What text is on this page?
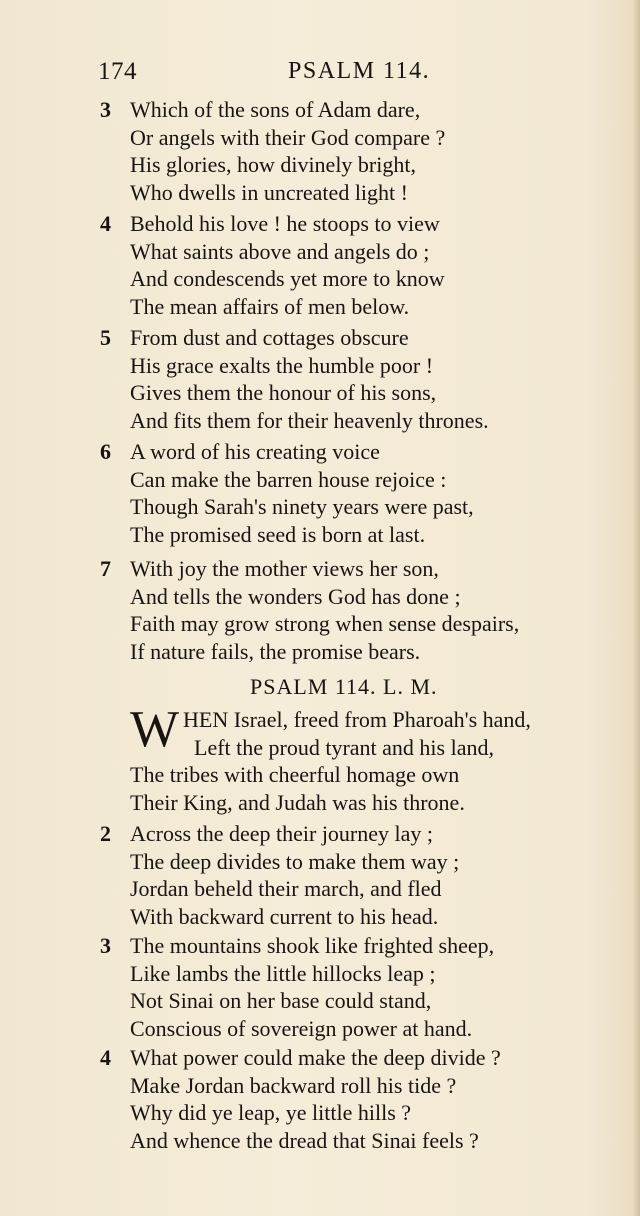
174	PSALM 114.
3 Which of the sons of Adam dare,
Or angels with their God compare ?
His glories, how divinely bright,
Who dwells in uncreated light !
4 Behold his love ! he stoops to view
What saints above and angels do ;
And condescends yet more to know
The mean affairs of men below.
5 From dust and cottages obscure
His grace exalts the humble poor !
Gives them the honour of his sons,
And fits them for their heavenly thrones.
6 A word of his creating voice
Can make the barren house rejoice :
Though Sarah's ninety years were past,
The promised seed is born at last.
7 With joy the mother views her son,
And tells the wonders God has done ;
Faith may grow strong when sense despairs,
If nature fails, the promise bears.
PSALM 114. L. M.
W HEN Israel, freed from Pharoah's hand,
Left the proud tyrant and his land,
The tribes with cheerful homage own
Their King, and Judah was his throne.
2 Across the deep their journey lay ;
The deep divides to make them way ;
Jordan beheld their march, and fled
With backward current to his head.
3 The mountains shook like frighted sheep,
Like lambs the little hillocks leap ;
Not Sinai on her base could stand,
Conscious of sovereign power at hand.
4 What power could make the deep divide ?
Make Jordan backward roll his tide ?
Why did ye leap, ye little hills ?
And whence the dread that Sinai feels ?
